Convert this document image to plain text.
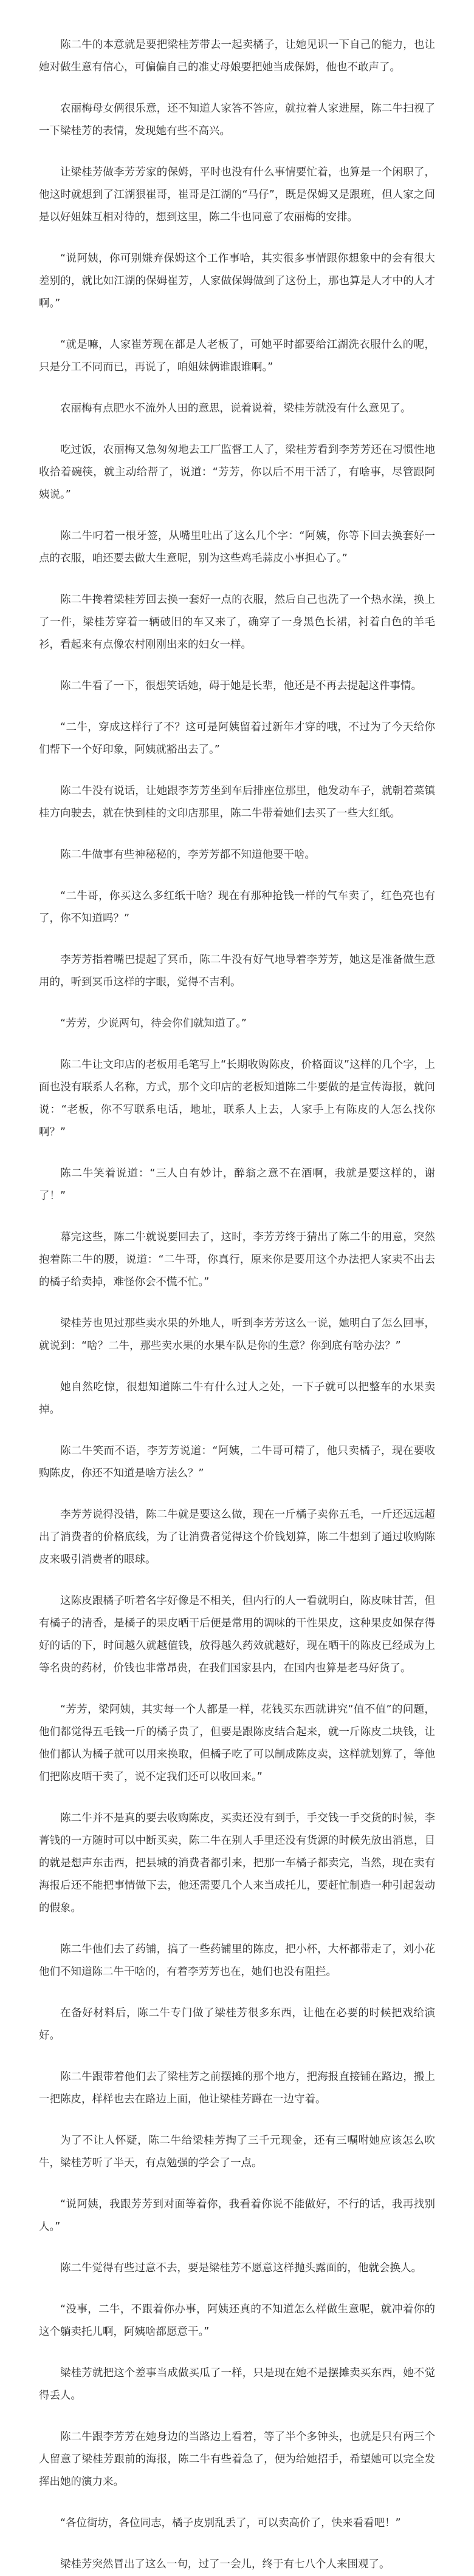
陈二牛的本意就是要把梁桂芳带去一起卖橘子，让她见识一下自己的能力，也让她对做生意有信心，可偏偏自己的准丈母娘要把她当成保姆，他也不敢声了。

农丽梅母女俩很乐意，还不知道人家答不答应，就拉着人家进屋，陈二牛扫视了一下梁桂芳的表情，发现她有些不高兴。

让梁桂芳做李芳芳家的保姆，平时也没有什么事情要忙着，也算是一个闲职了，他这时就想到了江湖狠崔哥，崔哥是江湖的“马仔”，既是保姆又是跟班，但人家之间是以好姐妹互相对待的，想到这里，陈二牛也同意了农丽梅的安排。

“说阿姨，你可别嫌弃保姆这个工作事哈，其实很多事情跟你想象中的会有很大差别的，就比如江湖的保姆崔芳，人家做保姆做到了这份上，那也算是人才中的人才啊。”

“就是嘛，人家崔芳现在都是人老板了，可她平时都要给江湖洗衣服什么的呢，只是分工不同而已，再说了，咱姐妹俩谁跟谁啊。”

农丽梅有点肥水不流外人田的意思，说着说着，梁桂芳就没有什么意见了。

吃过饭，农丽梅又急匆匆地去工厂监督工人了，梁桂芳看到李芳芳还在习惯性地收拾着碗筷，就主动给帮了，说道：“芳芳，你以后不用干活了，有啥事，尽管跟阿姨说。”

陈二牛叼着一根牙签，从嘴里吐出了这么几个字：“阿姨，你等下回去换套好一点的衣服，咱还要去做大生意呢，别为这些鸡毛蒜皮小事担心了。”

陈二牛搀着梁桂芳回去换一套好一点的衣服，然后自己也洗了一个热水澡，换上了一件，梁桂芳穿着一辆破旧的车又来了，确穿了一身黑色长裙，衬着白色的羊毛衫，看起来有点像农村刚刚出来的妇女一样。

陈二牛看了一下，很想笑话她，碍于她是长辈，他还是不再去提起这件事情。

“二牛，穿成这样行了不？这可是阿姨留着过新年才穿的哦，不过为了今天给你们帮下一个好印象，阿姨就豁出去了。”

陈二牛没有说话，让她跟李芳芳坐到车后排座位那里，他发动车子，就朝着菜镇桂方向驶去，就在快到桂的文印店那里，陈二牛带着她们去买了一些大红纸。

陈二牛做事有些神秘秘的，李芳芳都不知道他要干啥。

“二牛哥，你买这么多红纸干啥？现在有那种抢钱一样的气车卖了，红色亮也有了，你不知道吗？”

李芳芳指着嘴巴提起了冥币，陈二牛没有好气地导着李芳芳，她这是准备做生意用的，听到冥币这样的字眼，觉得不吉利。

“芳芳，少说两句，待会你们就知道了。”

陈二牛让文印店的老板用毛笔写上“长期收购陈皮，价格面议”这样的几个字，上面也没有联系人名称，方式，那个文印店的老板知道陈二牛要做的是宣传海报，就问说：“老板，你不写联系电话，地址，联系人上去，人家手上有陈皮的人怎么找你啊？”

陈二牛笑着说道：“三人自有妙计，醉翁之意不在酒啊，我就是要这样的，谢了！”

幕完这些，陈二牛就说要回去了，这时，李芳芳终于猜出了陈二牛的用意，突然抱着陈二牛的腰，说道：“二牛哥，你真行，原来你是要用这个办法把人家卖不出去的橘子给卖掉，难怪你会不慌不忙。”

梁桂芳也见过那些卖水果的外地人，听到李芳芳这么一说，她明白了怎么回事，就说到：“啥？二牛，那些卖水果的水果车队是你的生意？你到底有啥办法？”

她自然吃惊，很想知道陈二牛有什么过人之处，一下子就可以把整车的水果卖掉。

陈二牛笑而不语，李芳芳说道：“阿姨，二牛哥可精了，他只卖橘子，现在要收购陈皮，你还不知道是啥方法么？”

李芳芳说得没错，陈二牛就是要这么做，现在一斤橘子卖你五毛，一斤还远远超出了消费者的价格底线，为了让消费者觉得这个价钱划算，陈二牛想到了通过收购陈皮来吸引消费者的眼球。

这陈皮跟橘子听着名字好像是不相关，但内行的人一看就明白，陈皮味甘苦，但有橘子的清香，是橘子的果皮晒干后便是常用的调味的干性果皮，这种果皮如保存得好的话的下，时间越久就越值钱，放得越久药效就越好，现在晒干的陈皮已经成为上等名贵的药材，价钱也非常昂贵，在我们国家县内，在国内也算是老马好货了。

“芳芳，梁阿姨，其实每一个人都是一样，花钱买东西就讲究“值不值”的问题，他们都觉得五毛钱一斤的橘子贵了，但要是跟陈皮结合起来，就一斤陈皮二块钱，让他们都认为橘子就可以用来换取，但橘子吃了可以制成陈皮卖，这样就划算了，等他们把陈皮晒干卖了，说不定我们还可以收回来。”

陈二牛并不是真的要去收购陈皮，买卖还没有到手，手交钱一手交货的时候，李菁钱的一方随时可以中断买卖，陈二牛在别人手里还没有货源的时候先放出消息，目的就是想声东击西，把县城的消费者都引来，把那一车橘子都卖完，当然，现在卖有海报后还不能把事情做下去，他还需要几个人来当成托儿，要赶忙制造一种引起轰动的假象。

陈二牛他们去了药铺，搞了一些药铺里的陈皮，把小杯，大杯都带走了，刘小花他们不知道陈二牛干啥的，有着李芳芳也在，她们也没有阻拦。

在备好材料后，陈二牛专门做了梁桂芳很多东西，让他在必要的时候把戏给演好。

陈二牛跟带着他们去了梁桂芳之前摆摊的那个地方，把海报直接铺在路边，搬上一把陈皮，样样也去在路边上面，他让梁桂芳蹲在一边守着。

为了不让人怀疑，陈二牛给梁桂芳掏了三千元现金，还有三嘱咐她应该怎么吹牛，梁桂芳听了半天，有点勉强的学会了一点。

“说阿姨，我跟芳芳到对面等着你，我看着你说不能做好，不行的话，我再找别人。”

陈二牛觉得有些过意不去，要是梁桂芳不愿意这样抛头露面的，他就会换人。

“没事，二牛，不跟着你办事，阿姨还真的不知道怎么样做生意呢，就冲着你的这个躺卖托儿啊，阿姨啥都愿意干。”

梁桂芳就把这个差事当成做买瓜了一样，只是现在她不是摆摊卖买东西，她不觉得丢人。

陈二牛跟李芳芳在她身边的当路边上看着，等了半个多钟头，也就是只有两三个人留意了梁桂芳跟前的海报，陈二牛有些着急了，便为给她招手，希望她可以完全发挥出她的演力来。

“各位街坊，各位同志，橘子皮别乱丢了，可以卖高价了，快来看看吧！”

梁桂芳突然冒出了这么一句，过了一会儿，终于有七八个人来围观了。
